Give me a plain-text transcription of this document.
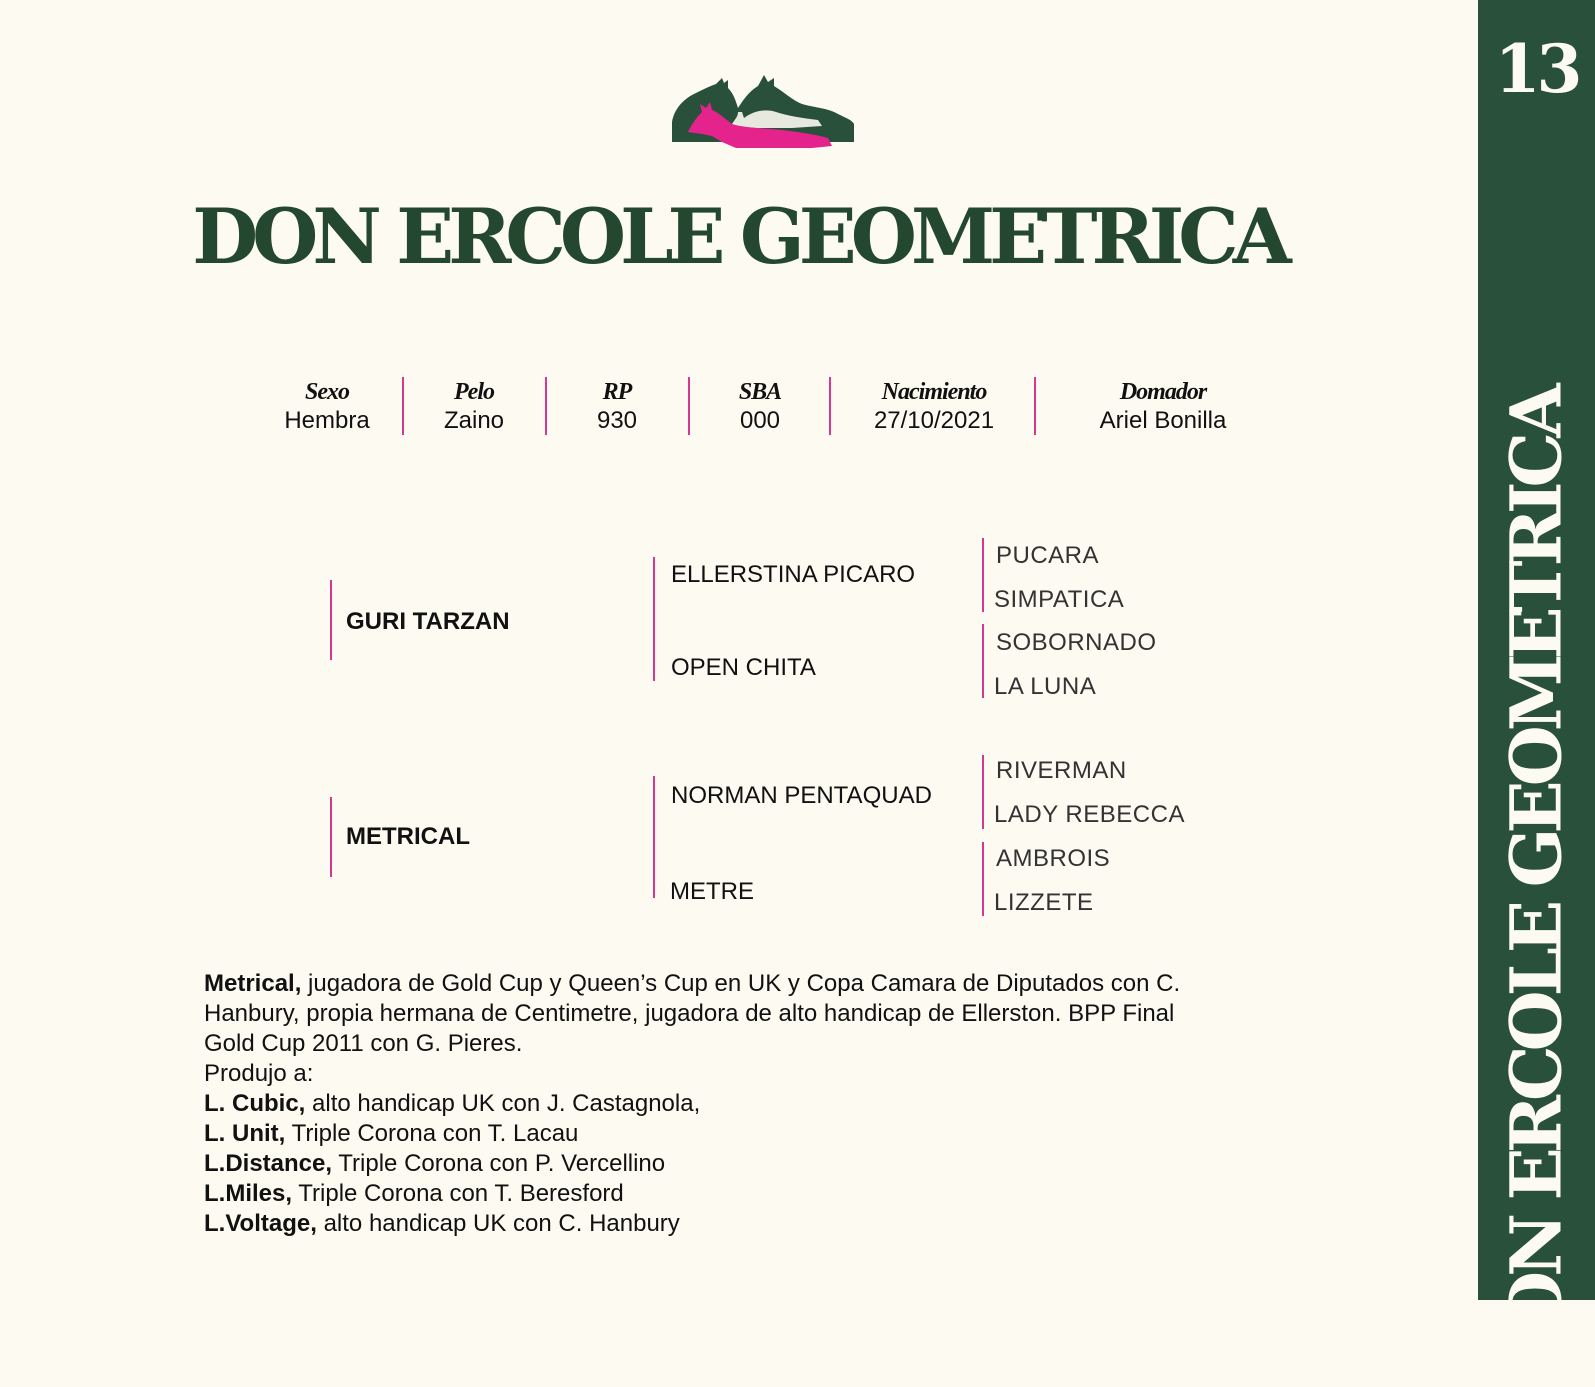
13
DON ERCOLE GEOMETRICA
DON ERCOLE GEOMETRICA
Sexo
Hembra
Pelo
Zaino
RP
930
SBA
000
Nacimiento
27/10/2021
Domador
Ariel Bonilla
GURI TARZAN
ELLERSTINA PICARO
OPEN CHITA
PUCARA
SIMPATICA
SOBORNADO
LA LUNA
METRICAL
NORMAN PENTAQUAD
METRE
RIVERMAN
LADY REBECCA
AMBROIS
LIZZETE
Metrical, jugadora de Gold Cup y Queen’s Cup en UK y Copa Camara de Diputados con C.
Hanbury, propia hermana de Centimetre, jugadora de alto handicap de Ellerston. BPP Final
Gold Cup 2011 con G. Pieres.
Produjo a:
L. Cubic, alto handicap UK con J. Castagnola,
L. Unit, Triple Corona con T. Lacau
L.Distance, Triple Corona con P. Vercellino
L.Miles, Triple Corona con T. Beresford
L.Voltage, alto handicap UK con C. Hanbury
